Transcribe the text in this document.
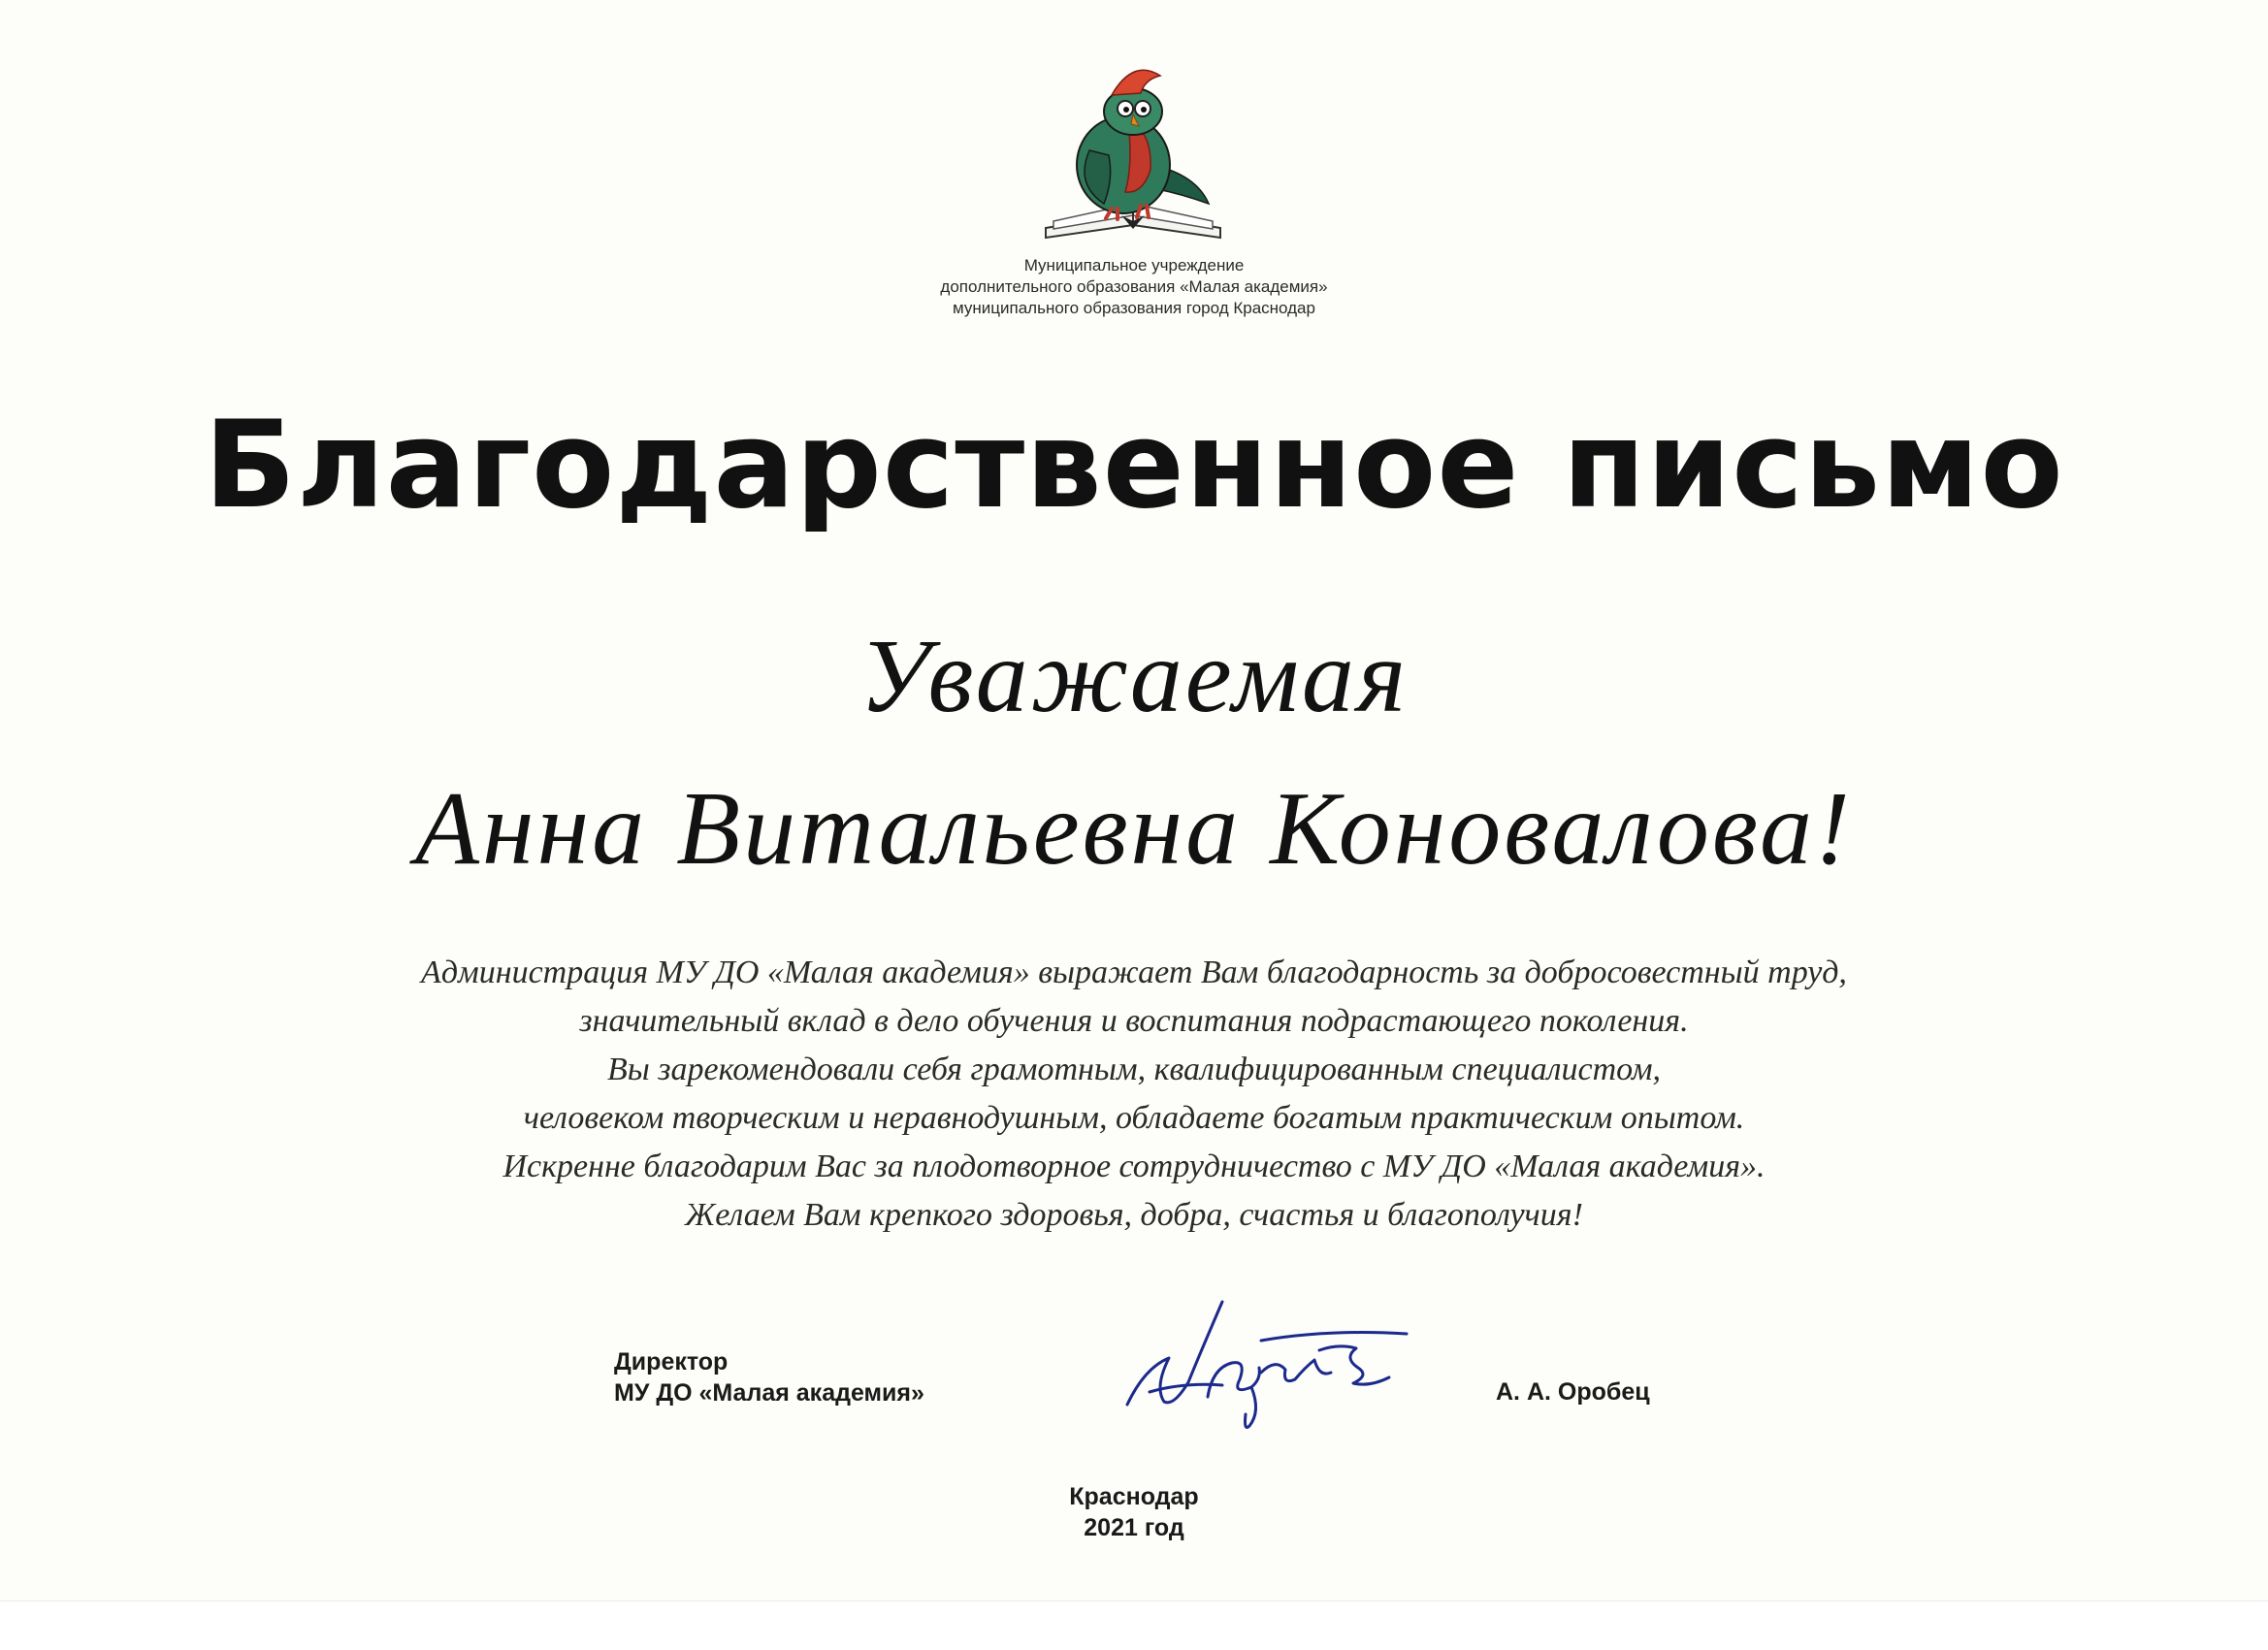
Муниципальное учреждение
дополнительного образования «Малая академия»
муниципального образования город Краснодар
Благодарственное письмо
Уважаемая
Анна Витальевна Коновалова!
Администрация МУ ДО «Малая академия» выражает Вам благодарность за добросовестный труд,
значительный вклад в дело обучения и воспитания подрастающего поколения.
Вы зарекомендовали себя грамотным, квалифицированным специалистом,
человеком творческим и неравнодушным, обладаете богатым практическим опытом.
Искренне благодарим Вас за плодотворное сотрудничество с МУ ДО «Малая академия».
Желаем Вам крепкого здоровья, добра, счастья и благополучия!
Директор
МУ ДО «Малая академия»	А. А. Оробец
Краснодар
2021 год
